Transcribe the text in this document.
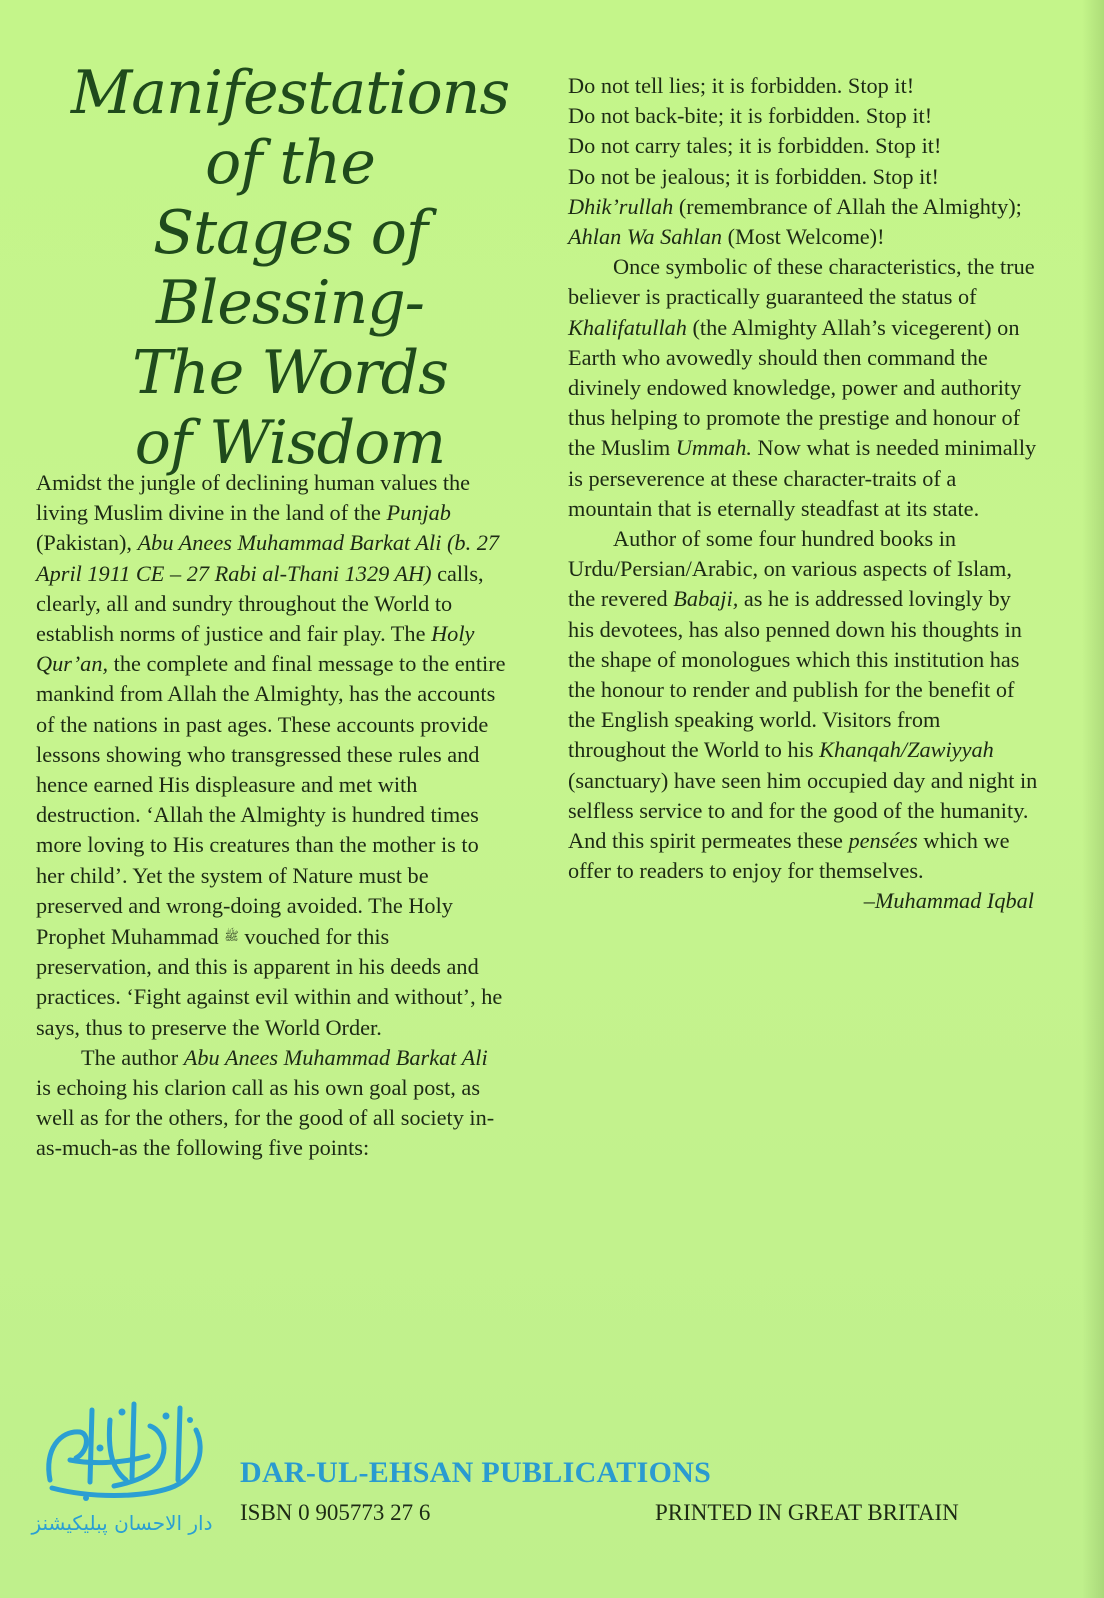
Manifestations of the
Stages of Blessing-
The Words
of Wisdom

Amidst the jungle of declining human values the living Muslim divine in the land of the Punjab (Pakistan), Abu Anees Muhammad Barkat Ali (b. 27 April 1911 CE – 27 Rabi al-Thani 1329 AH) calls, clearly, all and sundry throughout the World to establish norms of justice and fair play. The Holy Qur’an, the complete and final message to the entire mankind from Allah the Almighty, has the accounts of the nations in past ages. These accounts provide lessons showing who transgressed these rules and hence earned His displeasure and met with destruction. ‘Allah the Almighty is hundred times more loving to His creatures than the mother is to her child’. Yet the system of Nature must be preserved and wrong-doing avoided. The Holy Prophet Muhammad ﷺ vouched for this preservation, and this is apparent in his deeds and practices. ‘Fight against evil within and without’, he says, thus to preserve the World Order.

The author Abu Anees Muhammad Barkat Ali is echoing his clarion call as his own goal post, as well as for the others, for the good of all society in-as-much-as the following five points:

Do not tell lies; it is forbidden. Stop it!

Do not back-bite; it is forbidden. Stop it!

Do not carry tales; it is forbidden. Stop it!

Do not be jealous; it is forbidden. Stop it!

Dhik’rullah (remembrance of Allah the Almighty); Ahlan Wa Sahlan (Most Welcome)!

Once symbolic of these characteristics, the true believer is practically guaranteed the status of Khalifatullah (the Almighty Allah’s vicegerent) on Earth who avowedly should then command the divinely endowed knowledge, power and authority thus helping to promote the prestige and honour of the Muslim Ummah. Now what is needed minimally is perseverence at these character-traits of a mountain that is eternally steadfast at its state.

Author of some four hundred books in Urdu/Persian/Arabic, on various aspects of Islam, the revered Babaji, as he is addressed lovingly by his devotees, has also penned down his thoughts in the shape of monologues which this institution has the honour to render and publish for the benefit of the English speaking world. Visitors from throughout the World to his Khanqah/Zawiyyah (sanctuary) have seen him occupied day and night in selfless service to and for the good of the humanity. And this spirit permeates these pensées which we offer to readers to enjoy for themselves.

–Muhammad Iqbal

دار الاحسان پبلیکیشنز
DAR-UL-EHSAN PUBLICATIONS
ISBN 0 905773 27 6	PRINTED IN GREAT BRITAIN
